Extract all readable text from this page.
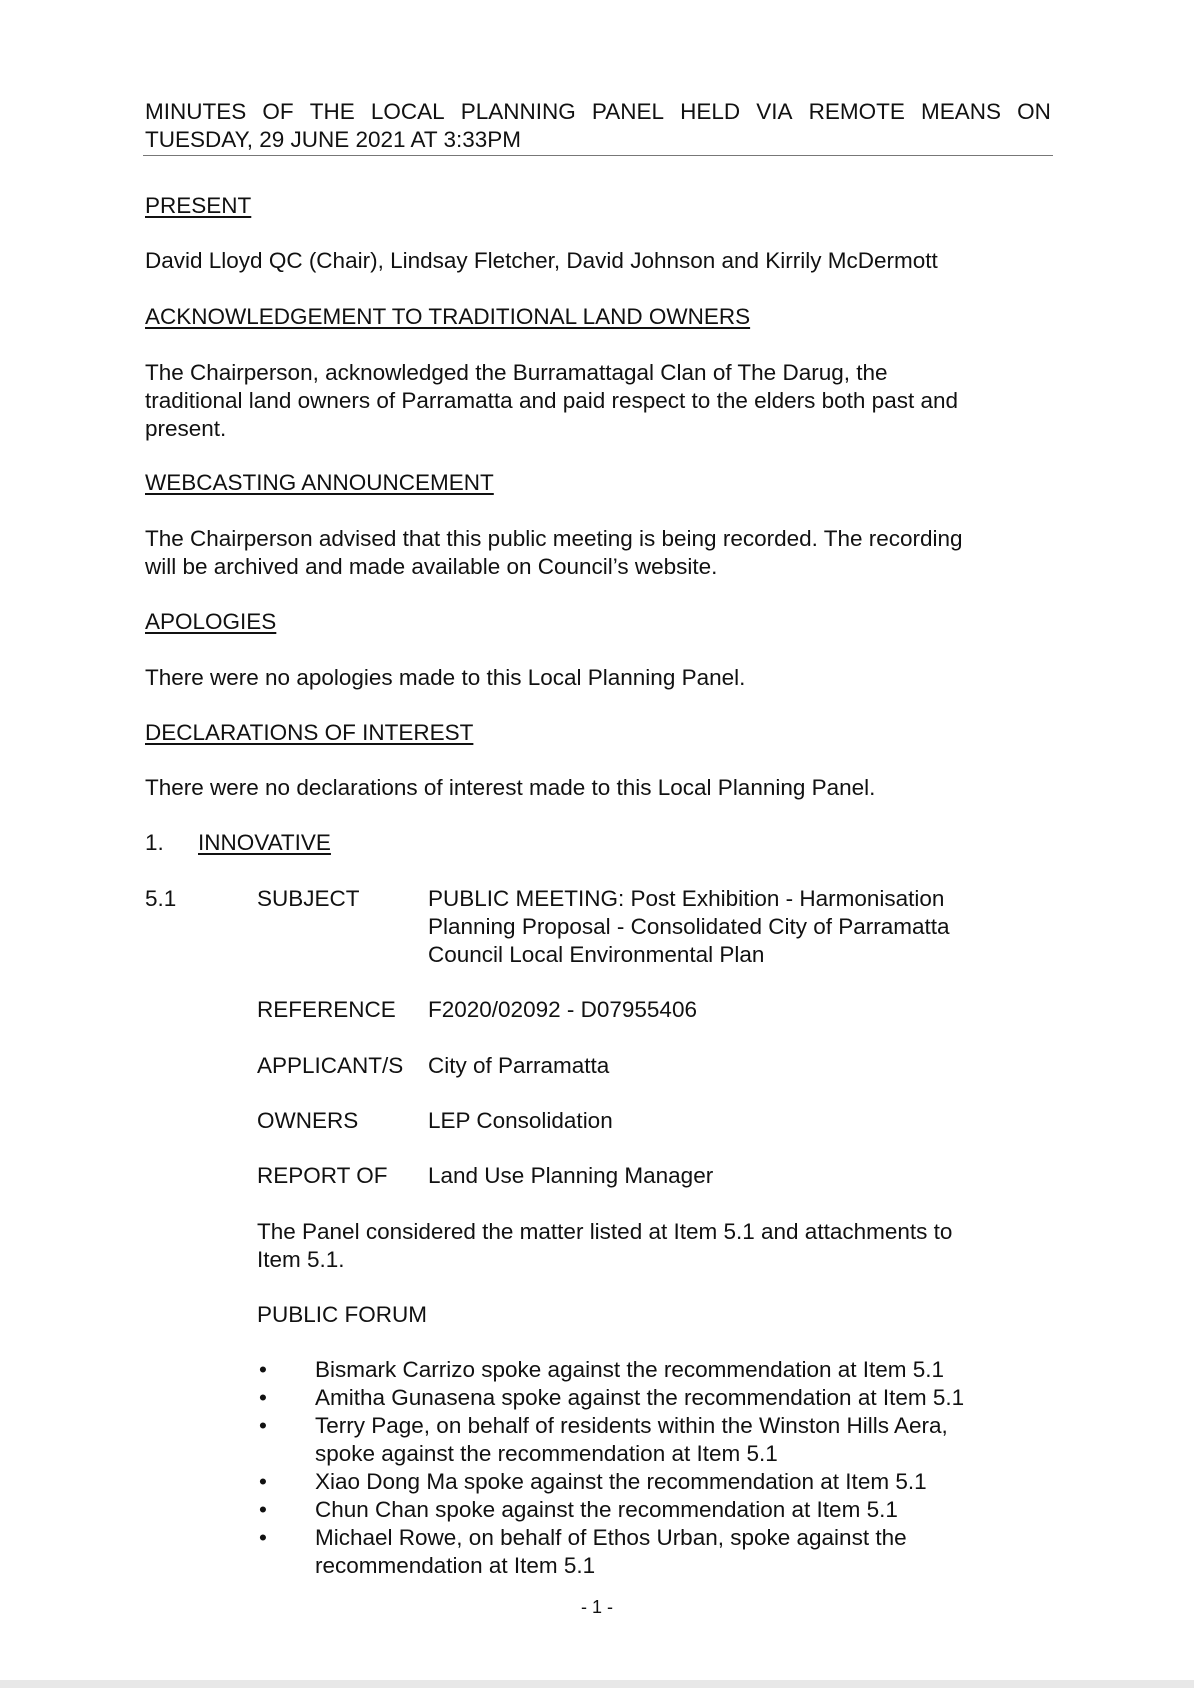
MINUTES OF THE LOCAL PLANNING PANEL HELD VIA REMOTE MEANS ON
TUESDAY, 29 JUNE 2021 AT 3:33PM
PRESENT
David Lloyd QC (Chair), Lindsay Fletcher, David Johnson and Kirrily McDermott
ACKNOWLEDGEMENT TO TRADITIONAL LAND OWNERS
The Chairperson, acknowledged the Burramattagal Clan of The Darug, the
traditional land owners of Parramatta and paid respect to the elders both past and
present.
WEBCASTING ANNOUNCEMENT
The Chairperson advised that this public meeting is being recorded. The recording
will be archived and made available on Council’s website.
APOLOGIES
There were no apologies made to this Local Planning Panel.
DECLARATIONS OF INTEREST
There were no declarations of interest made to this Local Planning Panel.
1. INNOVATIVE
5.1	SUBJECT	PUBLIC MEETING: Post Exhibition - Harmonisation
Planning Proposal - Consolidated City of Parramatta
Council Local Environmental Plan
REFERENCE F2020/02092 - D07955406
APPLICANT/S City of Parramatta
OWNERS	LEP Consolidation
REPORT OF Land Use Planning Manager
The Panel considered the matter listed at Item 5.1 and attachments to
Item 5.1.
PUBLIC FORUM
• Bismark Carrizo spoke against the recommendation at Item 5.1
• Amitha Gunasena spoke against the recommendation at Item 5.1
• Terry Page, on behalf of residents within the Winston Hills Aera,
spoke against the recommendation at Item 5.1
• Xiao Dong Ma spoke against the recommendation at Item 5.1
• Chun Chan spoke against the recommendation at Item 5.1
• Michael Rowe, on behalf of Ethos Urban, spoke against the
recommendation at Item 5.1
- 1 -
